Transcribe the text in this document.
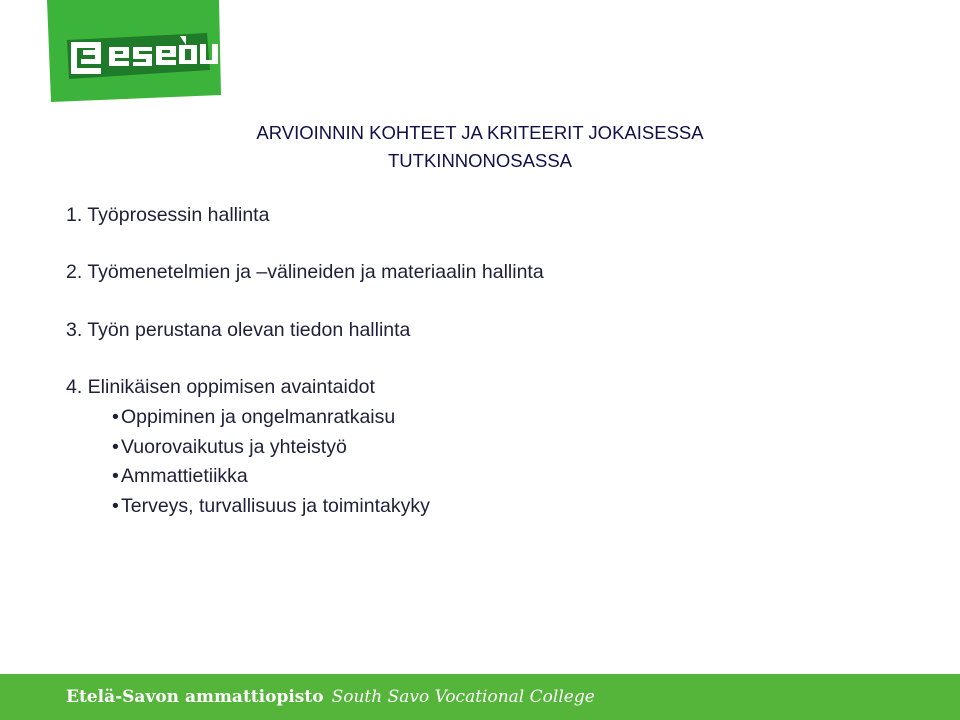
ARVIOINNIN KOHTEET JA KRITEERIT JOKAISESSA
TUTKINNONOSASSA
1. Työprosessin hallinta
2. Työmenetelmien ja –välineiden ja materiaalin hallinta
3. Työn perustana olevan tiedon hallinta
4. Elinikäisen oppimisen avaintaidot
• Oppiminen ja ongelmanratkaisu
• Vuorovaikutus ja yhteistyö
• Ammattietiikka
• Terveys, turvallisuus ja toimintakyky
Etelä-Savon ammattiopisto South Savo Vocational College
